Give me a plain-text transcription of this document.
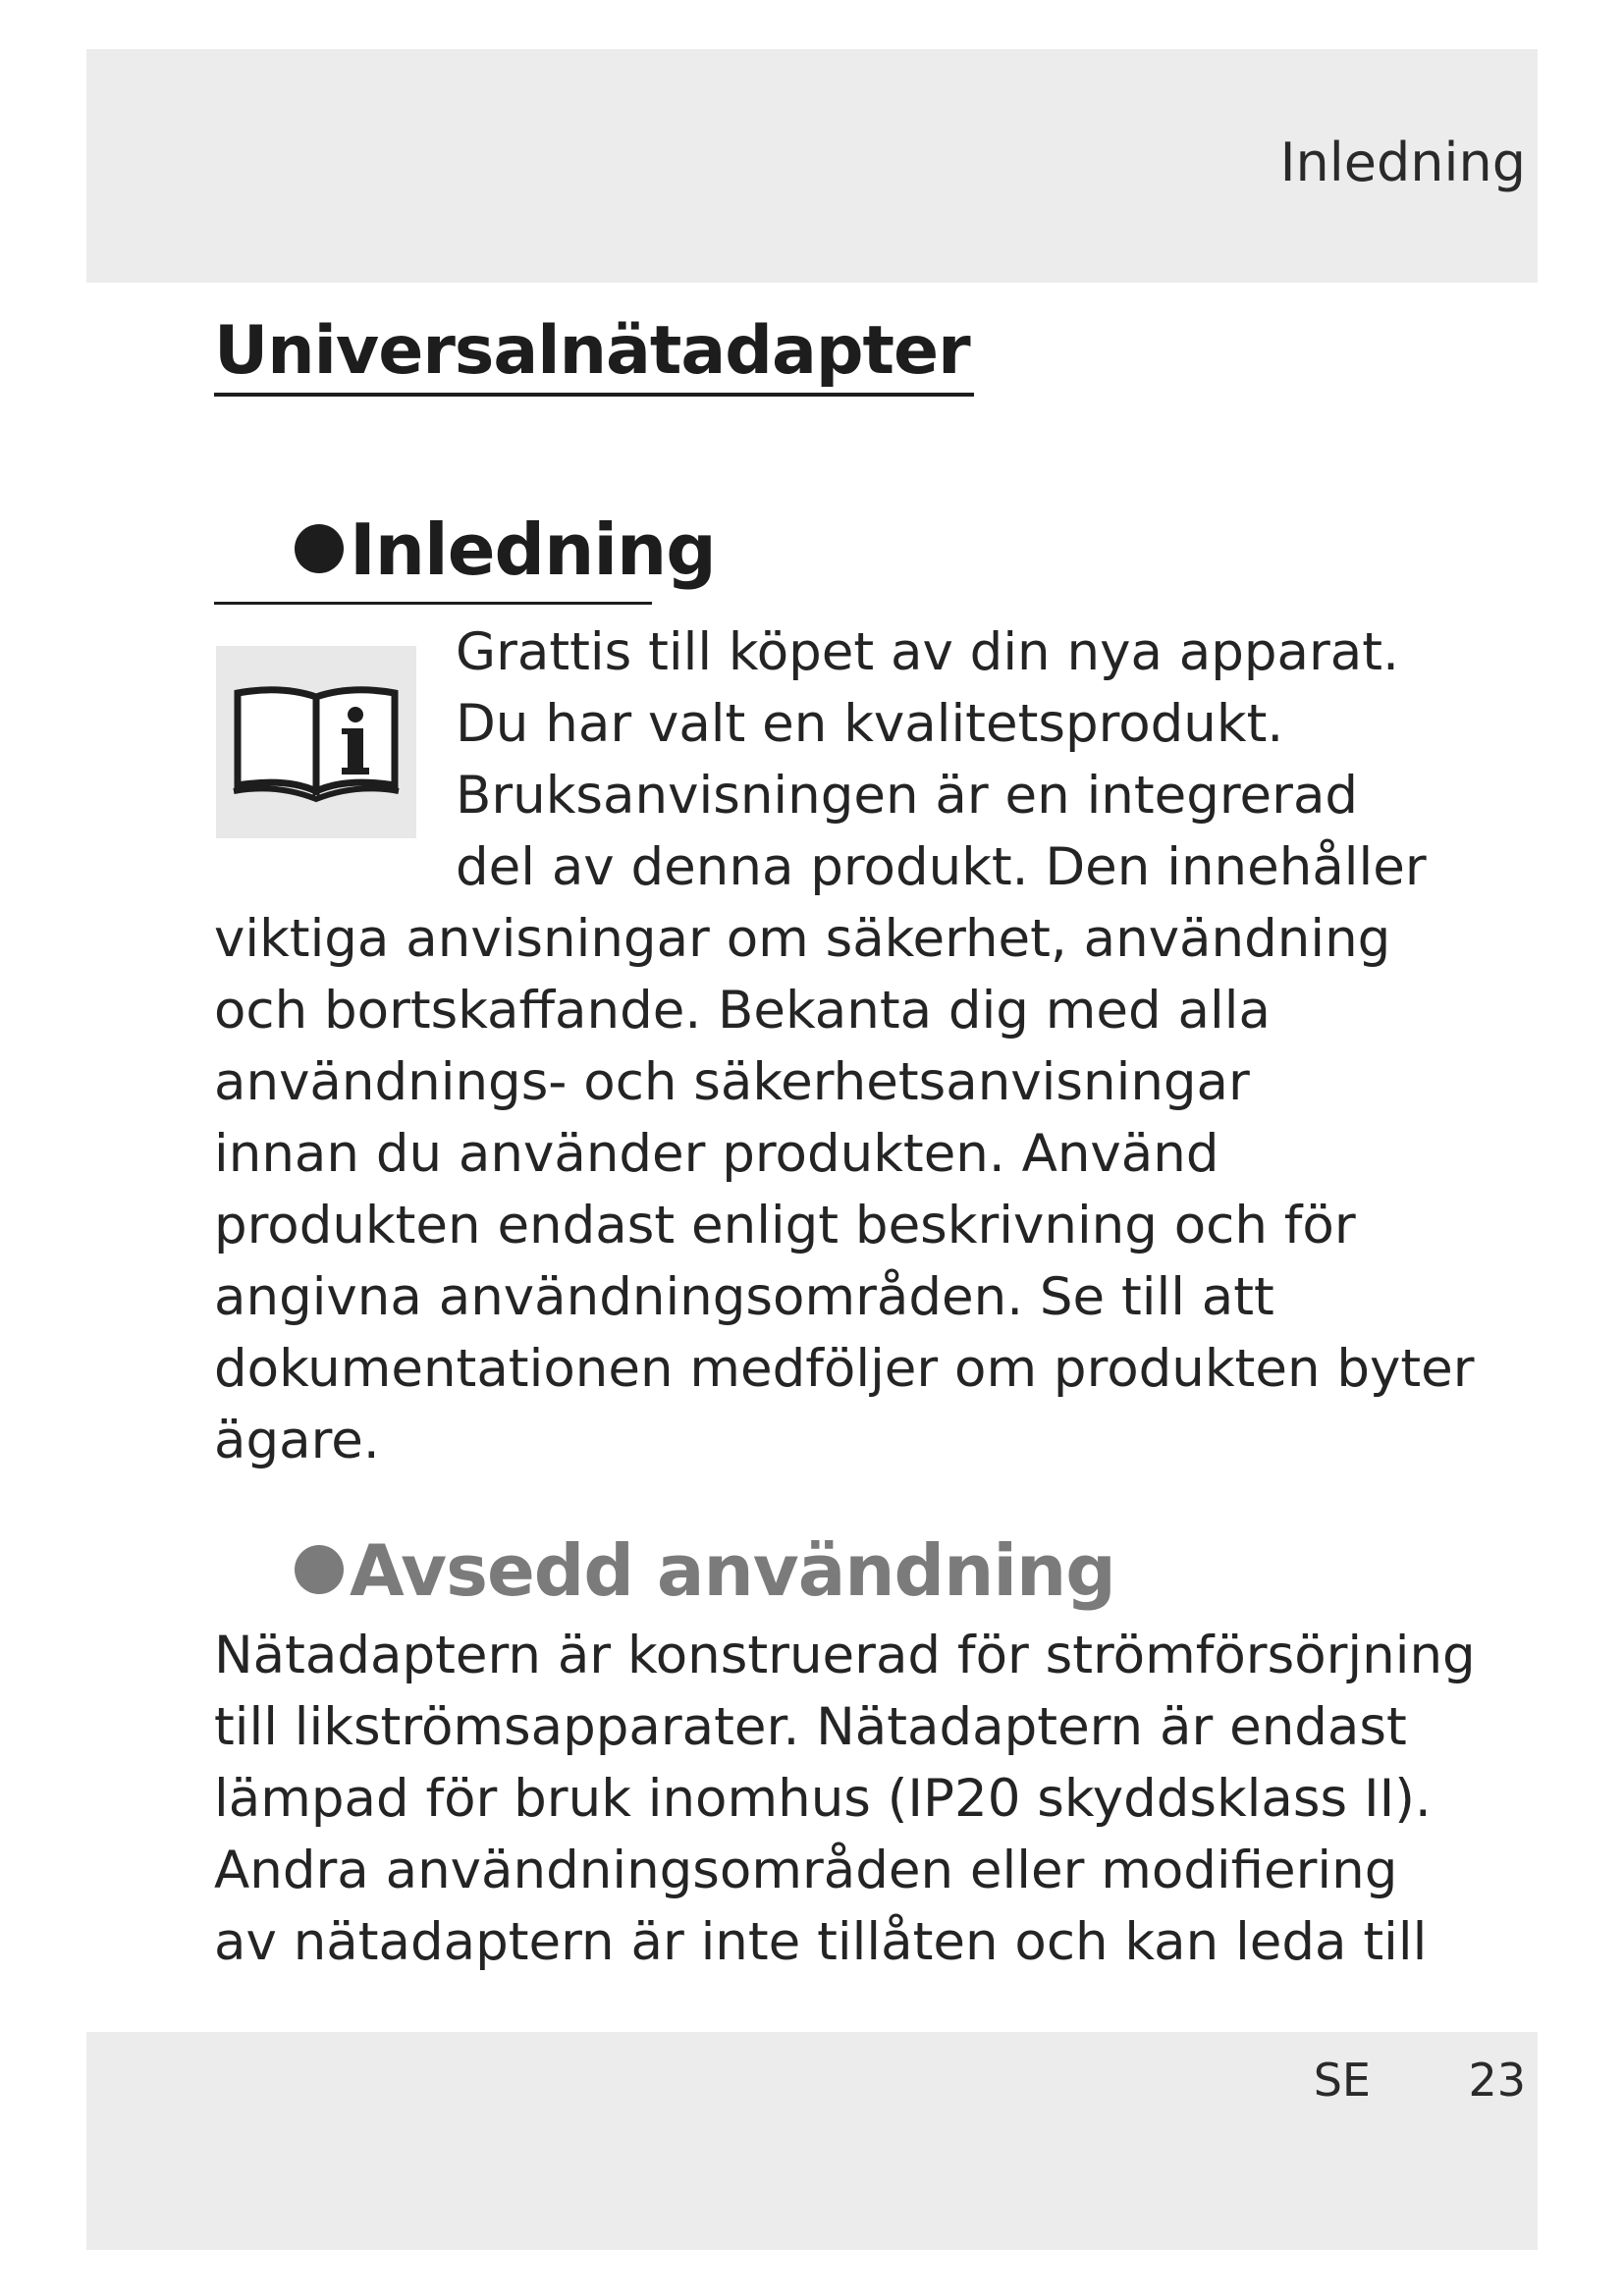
Inledning
Universalnätadapter
Inledning

Grattis till köpet av din nya apparat.
Du har valt en kvalitetsprodukt.
Bruksanvisningen är en integrerad
del av denna produkt. Den innehåller
viktiga anvisningar om säkerhet, användning
och bortskaffande. Bekanta dig med alla
användnings- och säkerhetsanvisningar
innan du använder produkten. Använd
produkten endast enligt beskrivning och för
angivna användningsområden. Se till att
dokumentationen medföljer om produkten byter
ägare.

Avsedd användning

Nätadaptern är konstruerad för strömförsörjning
till likströmsapparater. Nätadaptern är endast
lämpad för bruk inomhus (IP20 skyddsklass II).
Andra användningsområden eller modifiering
av nätadaptern är inte tillåten och kan leda till

SE 23
